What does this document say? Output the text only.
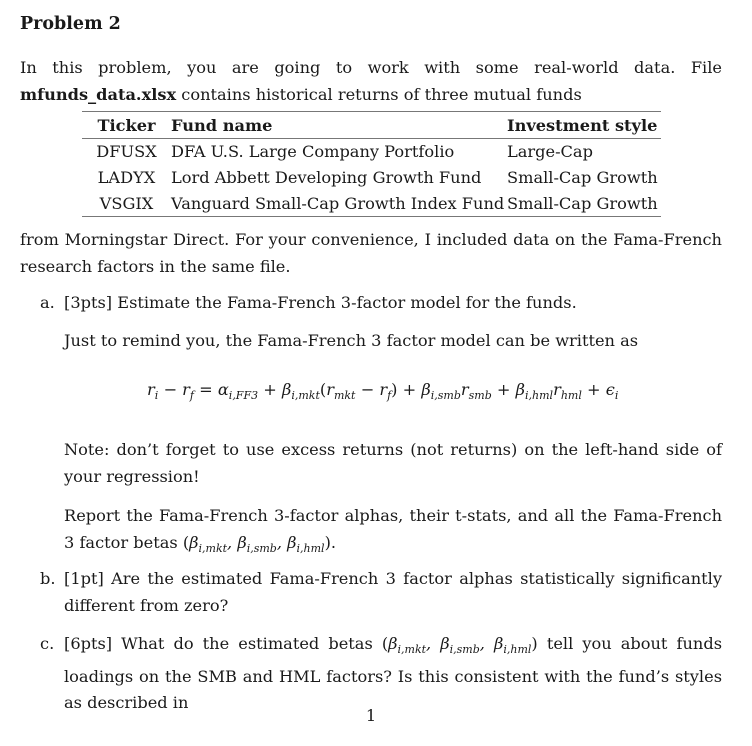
Problem 2
In this problem, you are going to work with some real-world data. File mfunds_data.xlsx contains historical returns of three mutual funds
Ticker	Fund name	Investment style
DFUSX	DFA U.S. Large Company Portfolio	Large-Cap
LADYX	Lord Abbett Developing Growth Fund	Small-Cap Growth
VSGIX	Vanguard Small-Cap Growth Index Fund	Small-Cap Growth
from Morningstar Direct. For your convenience, I included data on the Fama-French research factors in the same file.
a. [3pts] Estimate the Fama-French 3-factor model for the funds.
Just to remind you, the Fama-French 3 factor model can be written as
$r_i - r_f = \alpha_{i,FF3} + \beta_{i,mkt}(r_{mkt} - r_f) + \beta_{i,smb}r_{smb} + \beta_{i,hml}r_{hml} + \epsilon_i$
Note: don’t forget to use excess returns (not returns) on the left-hand side of your regression!
Report the Fama-French 3-factor alphas, their t-stats, and all the Fama-French 3 factor betas ($\beta_{i,mkt}$, $\beta_{i,smb}$, $\beta_{i,hml}$).
b. [1pt] Are the estimated Fama-French 3 factor alphas statistically significantly different from zero?
c. [6pts] What do the estimated betas ($\beta_{i,mkt}$, $\beta_{i,smb}$, $\beta_{i,hml}$) tell you about funds loadings on the SMB and HML factors? Is this consistent with the fund’s styles as described in
1
